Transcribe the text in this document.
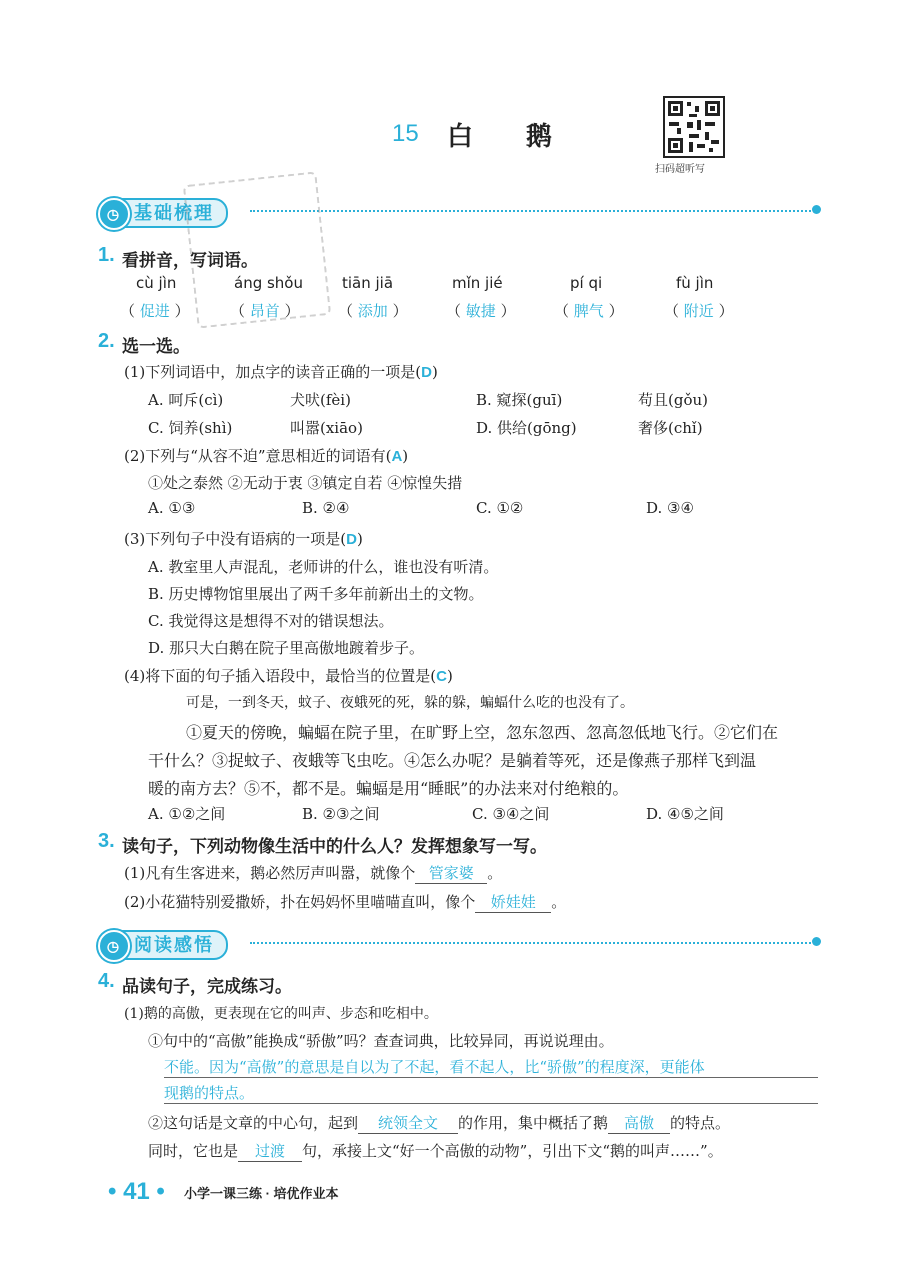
15 白 鹅
扫码超听写
◷ 基础梳理
1. 看拼音，写词语。
cù jìn	áng shǒu	tiān jiā	mǐn jié	pí qi	fù jìn
（ 促进 ）	（ 昂首 ）	（ 添加 ）	（ 敏捷 ）	（ 脾气 ）	（ 附近 ）
2. 选一选。
(1)下列词语中，加点字的读音正确的一项是(D)
A. 呵斥(cì)	犬吠(fèi)	B. 窥探(guī)	苟且(gǒu)
C. 饲养(shì)	叫嚣(xiāo)	D. 供给(gōng)	奢侈(chǐ)
(2)下列与“从容不迫”意思相近的词语有(A)
①处之泰然 ②无动于衷 ③镇定自若 ④惊惶失措
A. ①③	B. ②④	C. ①②	D. ③④
(3)下列句子中没有语病的一项是(D)
A. 教室里人声混乱，老师讲的什么，谁也没有听清。
B. 历史博物馆里展出了两千多年前新出土的文物。
C. 我觉得这是想得不对的错误想法。
D. 那只大白鹅在院子里高傲地踱着步子。
(4)将下面的句子插入语段中，最恰当的位置是(C)
可是，一到冬天，蚊子、夜蛾死的死，躲的躲，蝙蝠什么吃的也没有了。
①夏天的傍晚，蝙蝠在院子里，在旷野上空，忽东忽西、忽高忽低地飞行。②它们在
干什么？③捉蚊子、夜蛾等飞虫吃。④怎么办呢？是躺着等死，还是像燕子那样飞到温
暖的南方去？⑤不，都不是。蝙蝠是用“睡眠”的办法来对付绝粮的。
A. ①②之间	B. ②③之间	C. ③④之间	D. ④⑤之间
3. 读句子，下列动物像生活中的什么人？发挥想象写一写。
(1)凡有生客进来，鹅必然厉声叫嚣，就像个 管家婆 。
(2)小花猫特别爱撒娇，扑在妈妈怀里喵喵直叫，像个 娇娃娃 。
◷ 阅读感悟
4. 品读句子，完成练习。
(1)鹅的高傲，更表现在它的叫声、步态和吃相中。
①句中的“高傲”能换成“骄傲”吗？查查词典，比较异同，再说说理由。
不能。因为“高傲”的意思是自以为了不起，看不起人，比“骄傲”的程度深，更能体
现鹅的特点。
②这句话是文章的中心句，起到 统领全文 的作用，集中概括了鹅 高傲 的特点。
同时，它也是 过渡 句，承接上文“好一个高傲的动物”，引出下文“鹅的叫声……”。
• 41 • 小学一课三练 · 培优作业本
